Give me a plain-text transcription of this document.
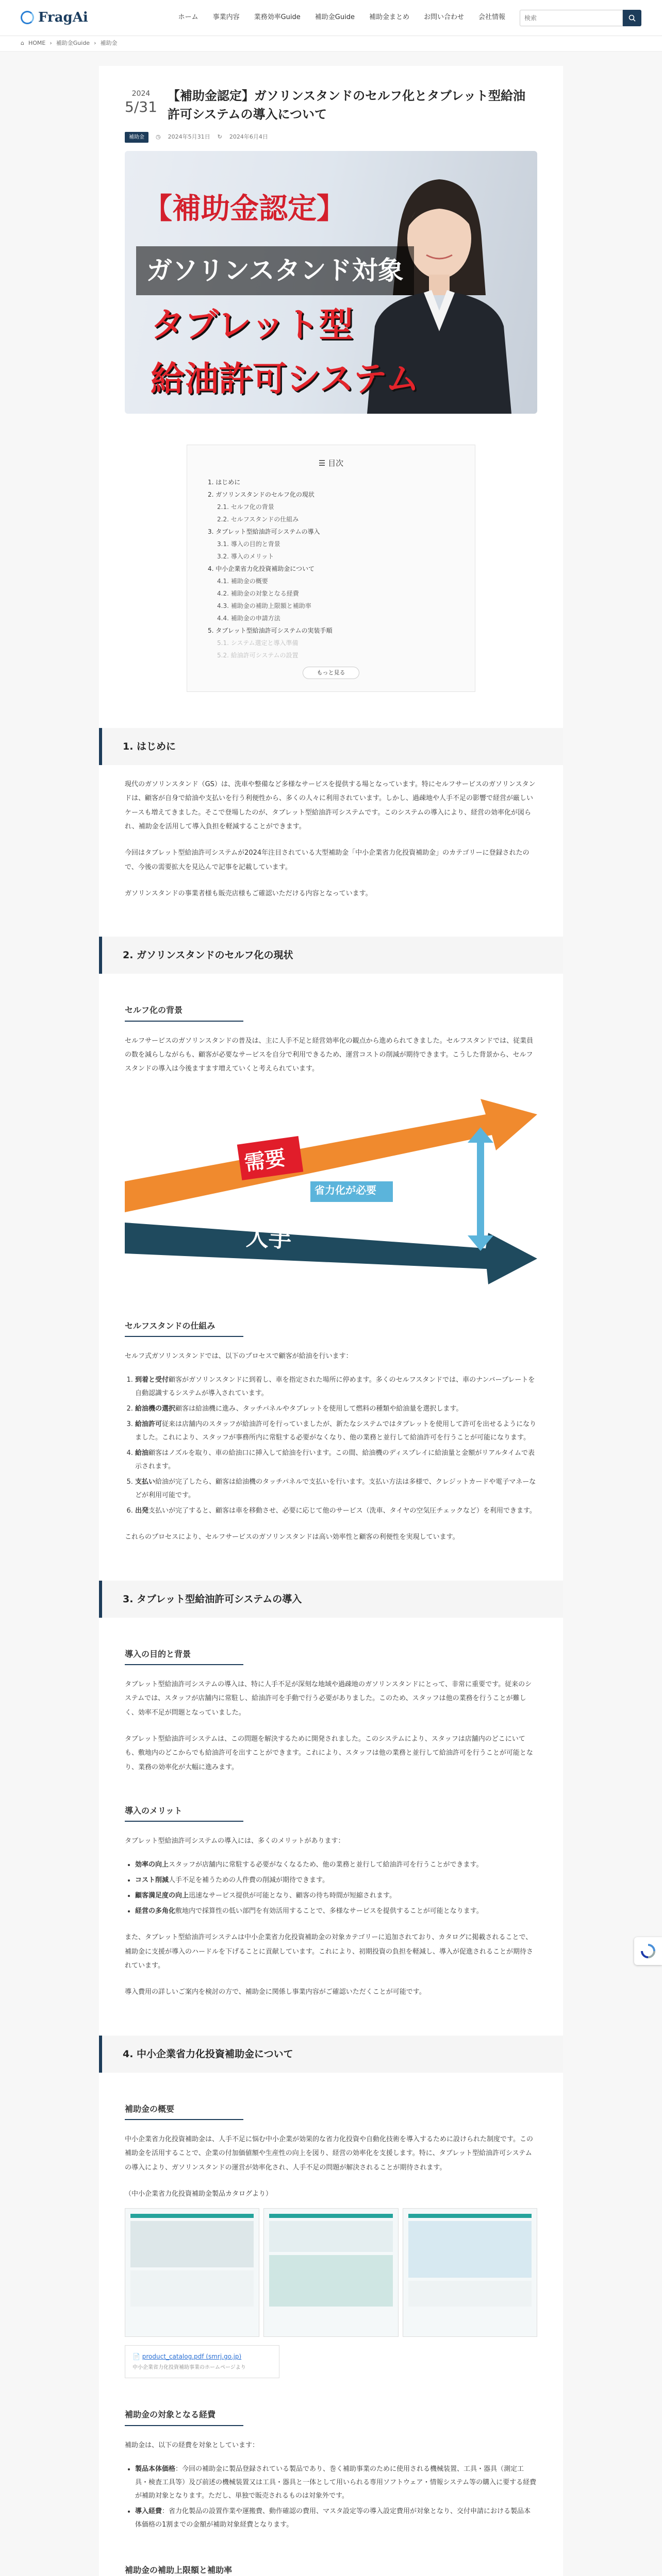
FragAi	ホーム 事業内容 業務効率Guide 補助金Guide 補助金まとめ お問い合わせ 会社情報
検索
⌂ HOME › 補助金Guide › 補助金
2024
5/31
【補助金認定】ガソリンスタンドのセルフ化とタブレット型給油許可システムの導入について
補助金	◷ 2024年5月31日 ↻ 2024年6月4日
【補助金認定】
ガソリンスタンド対象
タブレット型
給油許可システム
☰ 目次
1. はじめに
2. ガソリンスタンドのセルフ化の現状
2.1. セルフ化の背景
2.2. セルフスタンドの仕組み
3. タブレット型給油許可システムの導入
3.1. 導入の目的と背景
3.2. 導入のメリット
4. 中小企業省力化投資補助金について
4.1. 補助金の概要
4.2. 補助金の対象となる経費
4.3. 補助金の補助上限額と補助率
4.4. 補助金の申請方法
5. タブレット型給油許可システムの実装手順
5.1. システム選定と導入準備
5.2. 給油許可システムの設置
もっと見る
1. はじめに

現代のガソリンスタンド（GS）は、洗車や整備など多様なサービスを提供する場となっています。特にセルフサービスのガソリンスタンドは、顧客が自身で給油や支払いを行う利便性から、多くの人々に利用されています。しかし、過疎地や人手不足の影響で経営が厳しいケースも増えてきました。そこで登場したのが、タブレット型給油許可システムです。このシステムの導入により、経営の効率化が図られ、補助金を活用して導入負担を軽減することができます。

今回はタブレット型給油許可システムが2024年注目されている大型補助金「中小企業省力化投資補助金」のカテゴリーに登録されたので、今後の需要拡大を見込んで記事を記載しています。

ガソリンスタンドの事業者様も販売店様もご確認いただける内容となっています。

2. ガソリンスタンドのセルフ化の現状
セルフ化の背景

セルフサービスのガソリンスタンドの普及は、主に人手不足と経営効率化の観点から進められてきました。セルフスタンドでは、従業員の数を減らしながらも、顧客が必要なサービスを自分で利用できるため、運営コストの削減が期待できます。こうした背景から、セルフスタンドの導入は今後ますます増えていくと考えられています。

需要
人手
省力化が必要
セルフスタンドの仕組み

セルフ式ガソリンスタンドでは、以下のプロセスで顧客が給油を行います：

1. 到着と受付顧客がガソリンスタンドに到着し、車を指定された場所に停めます。多くのセルフスタンドでは、車のナンバープレートを自動認識するシステムが導入されています。
2. 給油機の選択顧客は給油機に進み、タッチパネルやタブレットを使用して燃料の種類や給油量を選択します。
3. 給油許可従来は店舗内のスタッフが給油許可を行っていましたが、新たなシステムではタブレットを使用して許可を出せるようになりました。これにより、スタッフが事務所内に常駐する必要がなくなり、他の業務と並行して給油許可を行うことが可能になります。
4. 給油顧客はノズルを取り、車の給油口に挿入して給油を行います。この間、給油機のディスプレイに給油量と金額がリアルタイムで表示されます。
5. 支払い給油が完了したら、顧客は給油機のタッチパネルで支払いを行います。支払い方法は多様で、クレジットカードや電子マネーなどが利用可能です。
6. 出発支払いが完了すると、顧客は車を移動させ、必要に応じて他のサービス（洗車、タイヤの空気圧チェックなど）を利用できます。

これらのプロセスにより、セルフサービスのガソリンスタンドは高い効率性と顧客の利便性を実現しています。

3. タブレット型給油許可システムの導入
導入の目的と背景

タブレット型給油許可システムの導入は、特に人手不足が深刻な地域や過疎地のガソリンスタンドにとって、非常に重要です。従来のシステムでは、スタッフが店舗内に常駐し、給油許可を手動で行う必要がありました。このため、スタッフは他の業務を行うことが難しく、効率不足が問題となっていました。

タブレット型給油許可システムは、この問題を解決するために開発されました。このシステムにより、スタッフは店舗内のどこにいても、敷地内のどこからでも給油許可を出すことができます。これにより、スタッフは他の業務と並行して給油許可を行うことが可能となり、業務の効率化が大幅に進みます。

導入のメリット

タブレット型給油許可システムの導入には、多くのメリットがあります：

• 効率の向上スタッフが店舗内に常駐する必要がなくなるため、他の業務と並行して給油許可を行うことができます。
• コスト削減人手不足を補うための人件費の削減が期待できます。
• 顧客満足度の向上迅速なサービス提供が可能となり、顧客の待ち時間が短縮されます。
• 経営の多角化敷地内で採算性の低い部門を有効活用することで、多様なサービスを提供することが可能となります。

また、タブレット型給油許可システムは中小企業省力化投資補助金の対象カテゴリーに追加されており、カタログに掲載されることで、補助金に支援が導入のハードルを下げることに貢献しています。これにより、初期投資の負担を軽減し、導入が促進されることが期待されています。

導入費用の詳しいご案内を検討の方で、補助金に関係し事業内容がご確認いただくことが可能です。

4. 中小企業省力化投資補助金について
補助金の概要

中小企業省力化投資補助金は、人手不足に悩む中小企業が効果的な省力化投資や自動化技術を導入するために設けられた制度です。この補助金を活用することで、企業の付加価値額や生産性の向上を図り、経営の効率化を支援します。特に、タブレット型給油許可システムの導入により、ガソリンスタンドの運営が効率化され、人手不足の問題が解決されることが期待されます。

（中小企業省力化投資補助金製品カタログより）

📄 product_catalog.pdf (smrj.go.jp)
中小企業省力化投資補助事業のホームページより
補助金の対象となる経費

補助金は、以下の経費を対象としています：

• 製品本体価格：今回の補助金に製品登録されている製品であり、巻く補助事業のために使用される機械装置、工具・器具（測定工具・検査工具等）及び前述の機械装置又は工具・器具と一体として用いられる専用ソフトウェア・情報システム等の購入に要する経費が補助対象となります。ただし、単独で販売されるものは対象外です。
• 導入経費：省力化製品の設置作業や運搬費、動作確認の費用、マスタ設定等の導入設定費用が対象となり、交付申請における製品本体価格の1割までの金額が補助対象経費となります。
補助金の補助上限額と補助率
